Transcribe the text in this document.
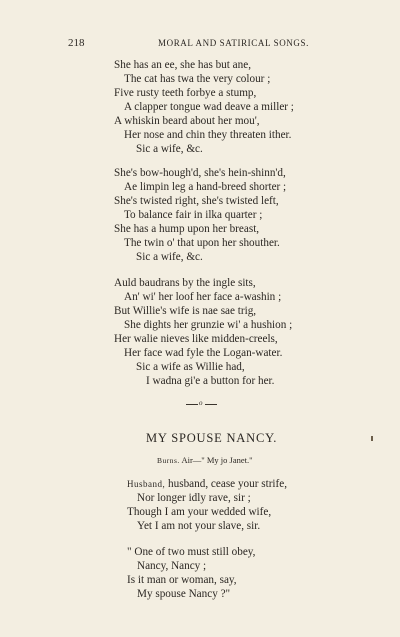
218	MORAL AND SATIRICAL SONGS.
She has an ee, she has but ane,
The cat has twa the very colour ;
Five rusty teeth forbye a stump,
A clapper tongue wad deave a miller ;
A whiskin beard about her mou',
Her nose and chin they threaten ither.
Sic a wife, &c.
She's bow-hough'd, she's hein-shinn'd,
Ae limpin leg a hand-breed shorter ;
She's twisted right, she's twisted left,
To balance fair in ilka quarter ;
She has a hump upon her breast,
The twin o' that upon her shouther.
Sic a wife, &c.
Auld baudrans by the ingle sits,
An' wi' her loof her face a-washin ;
But Willie's wife is nae sae trig,
She dights her grunzie wi' a hushion ;
Her walie nieves like midden-creels,
Her face wad fyle the Logan-water.
Sic a wife as Willie had,
I wadna gi'e a button for her.
o
MY SPOUSE NANCY.
Burns. Air—" My jo Janet."
Husband, husband, cease your strife,
Nor longer idly rave, sir ;
Though I am your wedded wife,
Yet I am not your slave, sir.
" One of two must still obey,
Nancy, Nancy ;
Is it man or woman, say,
My spouse Nancy ?"
